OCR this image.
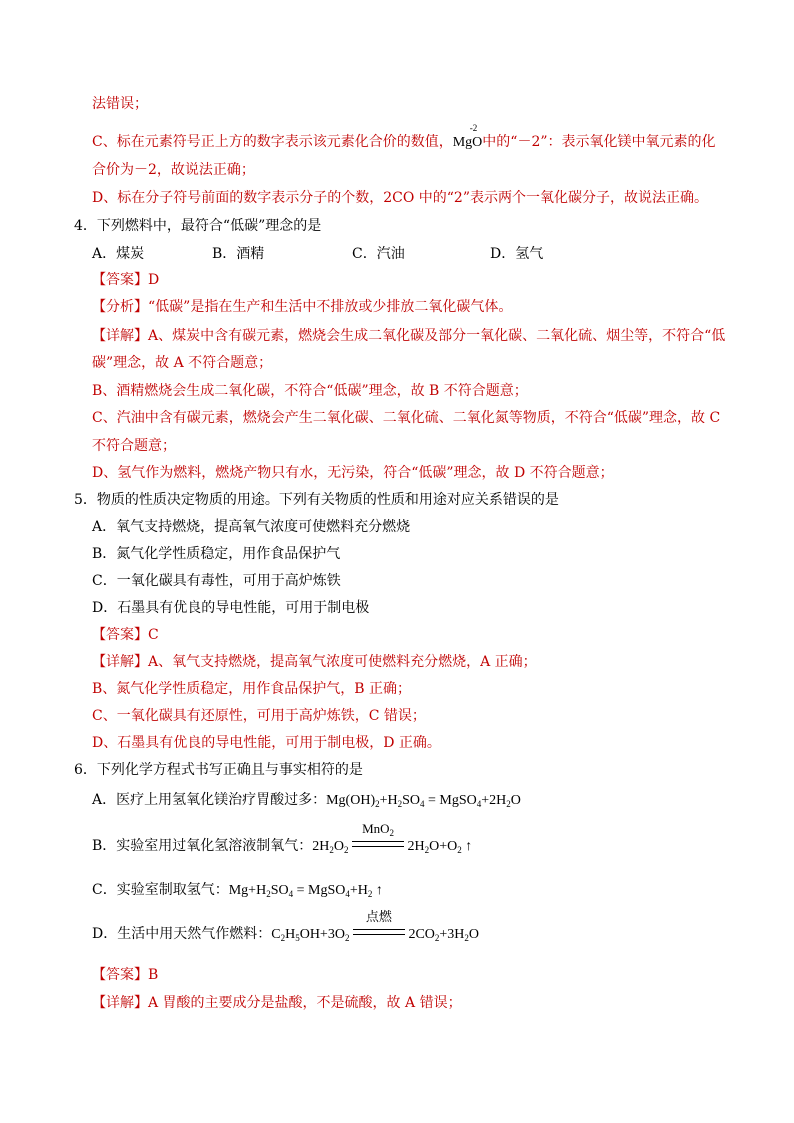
法错误；
C、标在元素符号正上方的数字表示该元素化合价的数值，MgO
-2
中的“－2”：表示氧化镁中氧元素的化
合价为－2，故说法正确；
D、标在分子符号前面的数字表示分子的个数，2CO 中的“2”表示两个一氧化碳分子，故说法正确。
4．下列燃料中，最符合“低碳”理念的是
A．煤炭	B．酒精	C．汽油	D．氢气
【答案】D
【分析】“低碳”是指在生产和生活中不排放或少排放二氧化碳气体。
【详解】A、煤炭中含有碳元素，燃烧会生成二氧化碳及部分一氧化碳、二氧化硫、烟尘等，不符合“低
碳”理念，故 A 不符合题意；
B、酒精燃烧会生成二氧化碳，不符合“低碳”理念，故 B 不符合题意；
C、汽油中含有碳元素，燃烧会产生二氧化碳、二氧化硫、二氧化氮等物质，不符合“低碳”理念，故 C
不符合题意；
D、氢气作为燃料，燃烧产物只有水，无污染，符合“低碳”理念，故 D 不符合题意；
5．物质的性质决定物质的用途。下列有关物质的性质和用途对应关系错误的是
A．氧气支持燃烧，提高氧气浓度可使燃料充分燃烧
B．氮气化学性质稳定，用作食品保护气
C．一氧化碳具有毒性，可用于高炉炼铁
D．石墨具有优良的导电性能，可用于制电极
【答案】C
【详解】A、氧气支持燃烧，提高氧气浓度可使燃料充分燃烧，A 正确；
B、氮气化学性质稳定，用作食品保护气，B 正确；
C、一氧化碳具有还原性，可用于高炉炼铁，C 错误；
D、石墨具有优良的导电性能，可用于制电极，D 正确。
6．下列化学方程式书写正确且与事实相符的是
A．医疗上用氢氧化镁治疗胃酸过多：$Mg(OH)_2+H_2SO_4$ = $MgSO_4+2H_2O$
B．实验室用过氧化氢溶液制氧气：$2H_2O_2$
MnO$_2$
$2H_2O+O_2$ ↑
C．实验室制取氢气：$Mg+H_2SO_4$ = $MgSO_4+H_2$ ↑
D．生活中用天然气作燃料：$C_2H_5OH+3O_2$
点燃
$2CO_2+3H_2O$
【答案】B
【详解】A 胃酸的主要成分是盐酸，不是硫酸，故 A 错误；
